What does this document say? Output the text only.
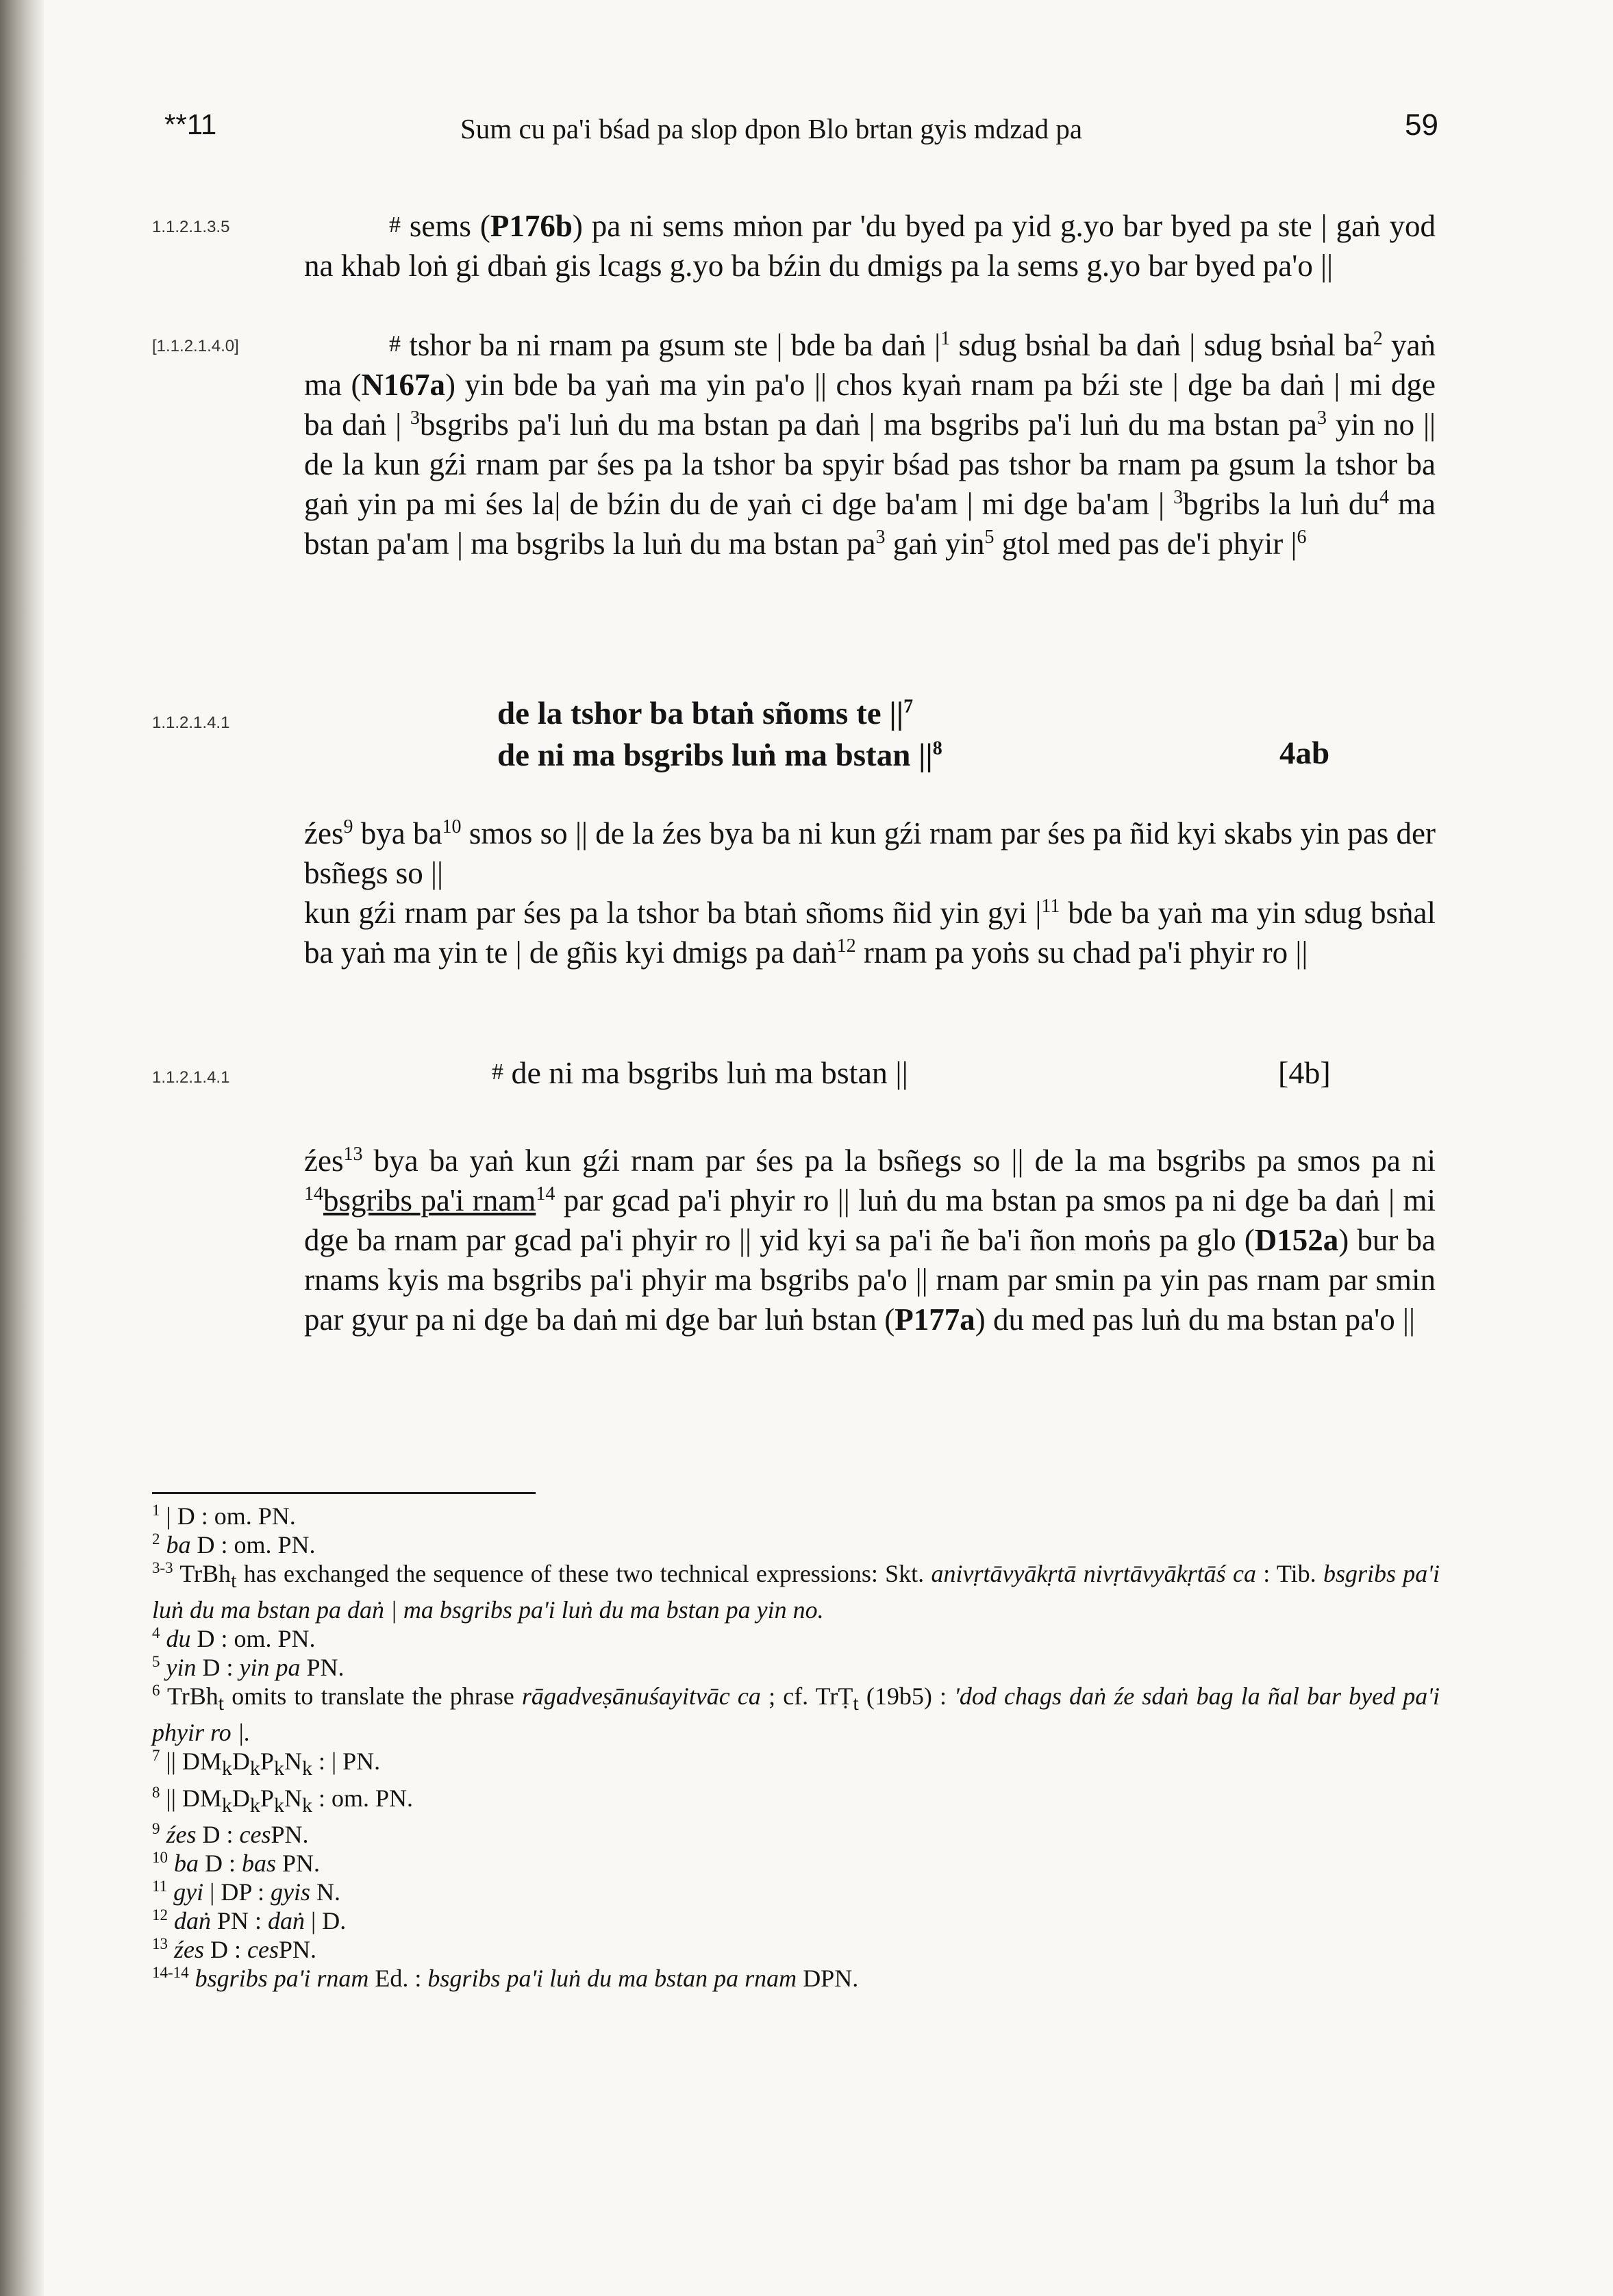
**11	Sum cu pa'i bśad pa slop dpon Blo brtan gyis mdzad pa	59
1.1.2.1.3.5	# sems (P176b) pa ni sems mṅon par 'du byed pa yid g.yo bar byed pa ste | gaṅ yod na khab loṅ gi dbaṅ gis lcags g.yo ba bźin du dmigs pa la sems g.yo bar byed pa'o ||
[1.1.2.1.4.0]	# tshor ba ni rnam pa gsum ste | bde ba daṅ $|^1$ sdug bsṅal ba daṅ | sdug bsṅal $ba^2$ yaṅ ma (N167a) yin bde ba yaṅ ma yin pa'o || chos kyaṅ rnam pa bźi ste | dge ba daṅ | mi dge ba daṅ | $^3$bsgribs pa'i luṅ du ma bstan pa daṅ | ma bsgribs pa'i luṅ du ma bstan $pa^3$ yin no || de la kun gźi rnam par śes pa la tshor ba spyir bśad pas tshor ba rnam pa gsum la tshor ba gaṅ yin pa mi śes la| de bźin du de yaṅ ci dge ba'am | mi dge ba'am | $^3$bgribs la luṅ $du^4$ ma bstan pa'am | ma bsgribs la luṅ du ma bstan $pa^3$ gaṅ yin$^5$ gtol med pas de'i phyir $|^6$
1.1.2.1.4.1	de la tshor ba btaṅ sñoms te $||^7$
de ni ma bsgribs luṅ ma bstan $||^8$	4ab
źes$^9$ bya $ba^{10}$ smos so || de la źes bya ba ni kun gźi rnam par śes pa ñid kyi skabs yin pas der bsñegs so ||
kun gźi rnam par śes pa la tshor ba btaṅ sñoms ñid yin gyi $|^{11}$ bde ba yaṅ ma yin sdug bsṅal ba yaṅ ma yin te | de gñis kyi dmigs pa daṅ$^{12}$ rnam pa yoṅs su chad pa'i phyir ro ||
1.1.2.1.4.1	# de ni ma bsgribs luṅ ma bstan ||	[4b]
źes$^{13}$ bya ba yaṅ kun gźi rnam par śes pa la bsñegs so || de la ma bsgribs pa smos pa ni $^{14}$bsgribs pa'i rnam$^{14}$ par gcad pa'i phyir ro || luṅ du ma bstan pa smos pa ni dge ba daṅ | mi dge ba rnam par gcad pa'i phyir ro || yid kyi sa pa'i ñe ba'i ñon moṅs pa glo (D152a) bur ba rnams kyis ma bsgribs pa'i phyir ma bsgribs pa'o || rnam par smin pa yin pas rnam par smin par gyur pa ni dge ba daṅ mi dge bar luṅ bstan (P177a) du med pas luṅ du ma bstan pa'o ||

$^1$ | D : om. PN.

$^2$ ba D : om. PN.

$^{3-3}$ TrBh$_t$ has exchanged the sequence of these two technical expressions: Skt. anivṛtāvyākṛtā nivṛtāvyākṛtāś ca : Tib. bsgribs pa'i luṅ du ma bstan pa daṅ | ma bsgribs pa'i luṅ du ma bstan pa yin no.

$^4$ du D : om. PN.

$^5$ yin D : yin pa PN.

$^6$ TrBh$_t$ omits to translate the phrase rāgadveṣānuśayitvāc ca ; cf. TrṬ$_t$ (19b5) : 'dod chags daṅ źe sdaṅ bag la ñal bar byed pa'i phyir ro |.

$^7$ || $DM_kD_kP_kN_k$ : | PN.

$^8$ || $DM_kD_kP_kN_k$ : om. PN.

$^9$ źes D : cesPN.

$^{10}$ ba D : bas PN.

$^{11}$ gyi | DP : gyis N.

$^{12}$ daṅ PN : daṅ | D.

$^{13}$ źes D : cesPN.

$^{14-14}$ bsgribs pa'i rnam Ed. : bsgribs pa'i luṅ du ma bstan pa rnam DPN.
